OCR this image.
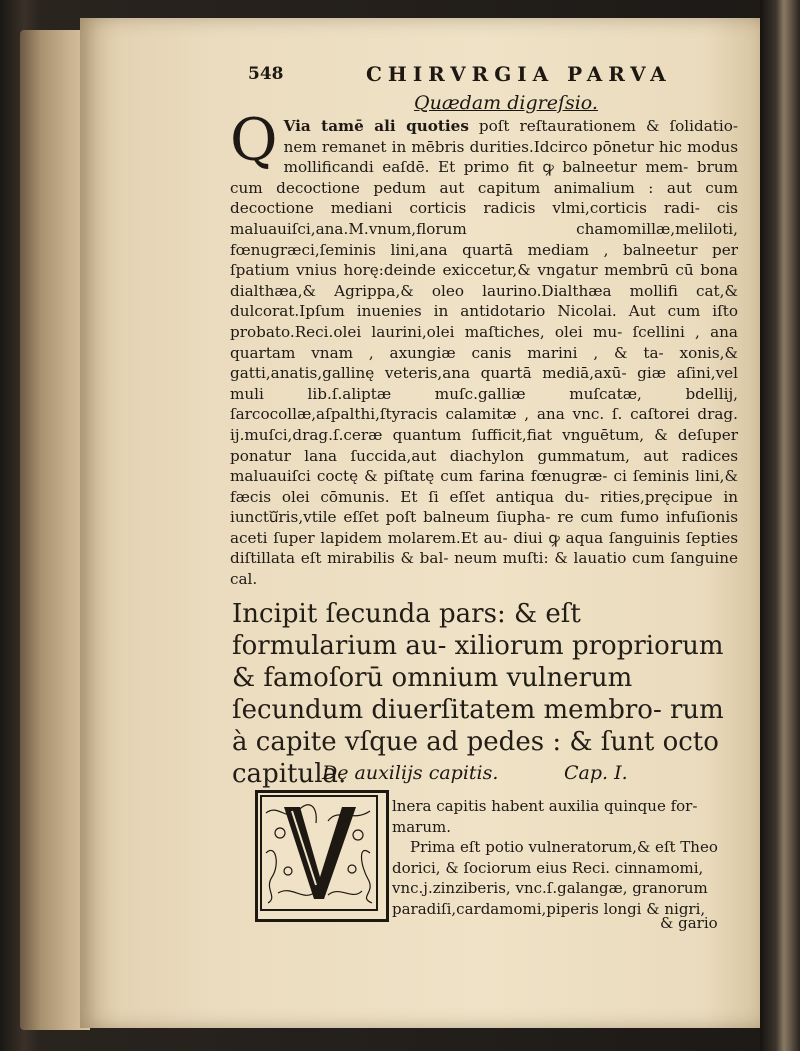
548	CHIRVRGIA PARVA
Quædam digreſsio.
Q Via tamē ali quoties poſt reſtaurationem & ſolidatio- nem remanet in mēbris durities.Idcirco pōnetur hic modus mollificandi eaſdē. Et primo fit ꝙ balneetur mem- brum cum decoctione pedum aut capitum animalium : aut cum decoctione mediani corticis radicis vlmi,corticis radi- cis maluauiſci,ana.M.vnum,florum chamomillæ,meliloti, fœnugræci,ſeminis lini,ana quartā mediam , balneetur per ſpatium vnius horę:deinde exiccetur,& vngatur membrū cū bona dialthæa,& Agrippa,& oleo laurino.Dialthæa mollifi cat,& dulcorat.Ipſum inuenies in antidotario Nicolai. Aut cum iſto probato.Reci.olei laurini,olei maſtiches, olei mu- ſcellini , ana quartam vnam , axungiæ canis marini , & ta- xonis,& gatti,anatis,gallinę veteris,ana quartā mediā,axū- giæ aſini,vel muli lib.ſ.aliptæ muſc.galliæ muſcatæ, bdellij, ſarcocollæ,aſpalthi,ſtyracis calamitæ , ana vnc. ſ. caſtorei drag. ij.muſci,drag.ſ.ceræ quantum ſufficit,fiat vnguētum, & deſuper ponatur lana ſuccida,aut diachylon gummatum, aut radices maluauiſci coctę & piſtatę cum farina fœnugræ- ci ſeminis lini,& fæcis olei cōmunis. Et ſi eſſet antiqua du- rities,pręcipue in iunctuᷓris,vtile eſſet poſt balneum ſiupha- re cum fumo infuſionis aceti ſuper lapidem molarem.Et au- diui ꝙ aqua ſanguinis ſepties diſtillata eſt mirabilis & bal- neum muſti: & lauatio cum ſanguine cal.
Incipit ſecunda pars: & eſt formularium au- xiliorum propriorum & famoſorū omnium vulnerum ſecundum diuerſitatem membro- rum à capite vſque ad pedes : & ſunt octo capitula.
De auxilijs capitis.	Cap. I.
lnera capitis habent auxilia quinque for- marum.
Prima eſt potio vulneratorum,& eſt Theo dorici, & ſociorum eius Reci. cinnamomi, vnc.j.zinziberis, vnc.ſ.galangæ, granorum paradiſi,cardamomi,piperis longi & nigri,
& gario
